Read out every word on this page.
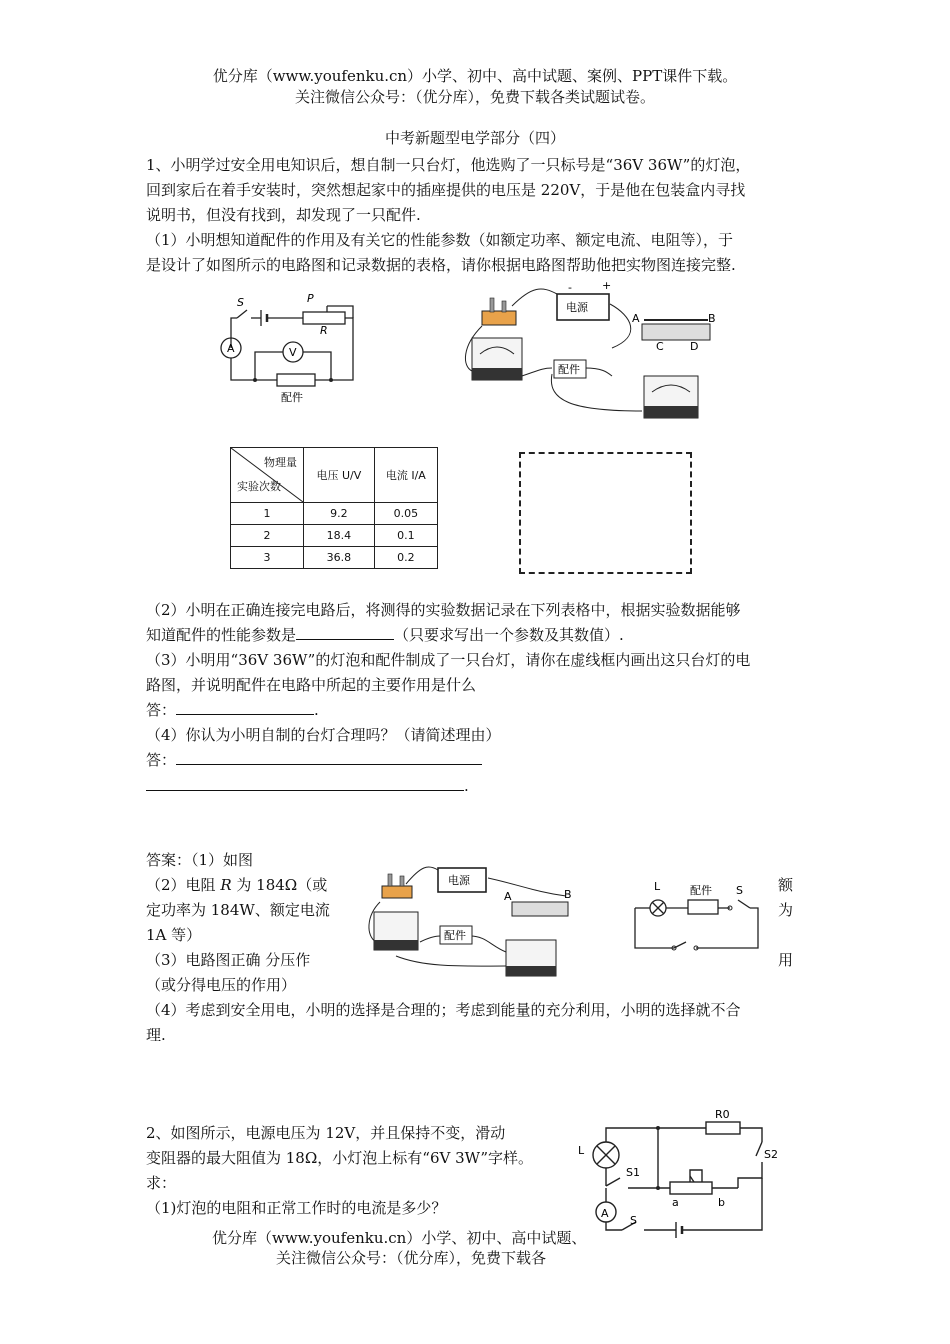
优分库（www.youfenku.cn）小学、初中、高中试题、案例、PPT课件下载。
关注微信公众号：（优分库），免费下载各类试题试卷。
中考新题型电学部分（四）
1、小明学过安全用电知识后，想自制一只台灯，他选购了一只标号是“36V 36W”的灯泡，
回到家后在着手安装时，突然想起家中的插座提供的电压是 220V，于是他在包装盒内寻找
说明书，但没有找到，却发现了一只配件.
（1）小明想知道配件的作用及有关它的性能参数（如额定功率、额定电流、电阻等），于
是设计了如图所示的电路图和记录数据的表格，请你根据电路图帮助他把实物图连接完整.
S	P
R
A	V
配件
电源
-	+
A	B
C D
配件
物理量
实验次数	电压 U/V	电流 I/A
1	9.2	0.05
2	18.4	0.1
3	36.8	0.2
（2）小明在正确连接完电路后，将测得的实验数据记录在下列表格中，根据实验数据能够
知道配件的性能参数是	（只要求写出一个参数及其数值）.
（3）小明用“36V 36W”的灯泡和配件制成了一只台灯，请你在虚线框内画出这只台灯的电
路图，并说明配件在电路中所起的主要作用是什么
答：	.
（4）你认为小明自制的台灯合理吗？（请简述理由）
答：
.
答案：（1）如图
（2）电阻 R 为 184Ω（或
定功率为 184W、额定电流
1A 等）
（3）电路图正确 分压作
（或分得电压的作用）
额
为
用
电源
A	B
配件
L	配件 S
（4）考虑到安全用电，小明的选择是合理的；考虑到能量的充分利用，小明的选择就不合
理.
2、如图所示，电源电压为 12V，并且保持不变，滑动
变阻器的最大阻值为 18Ω，小灯泡上标有“6V 3W”字样。
求：
（1)灯泡的电阻和正常工作时的电流是多少？
R0
L
S1
S2
A
a	b
S
优分库（www.youfenku.cn）小学、初中、高中试题、
关注微信公众号：（优分库），免费下载各
